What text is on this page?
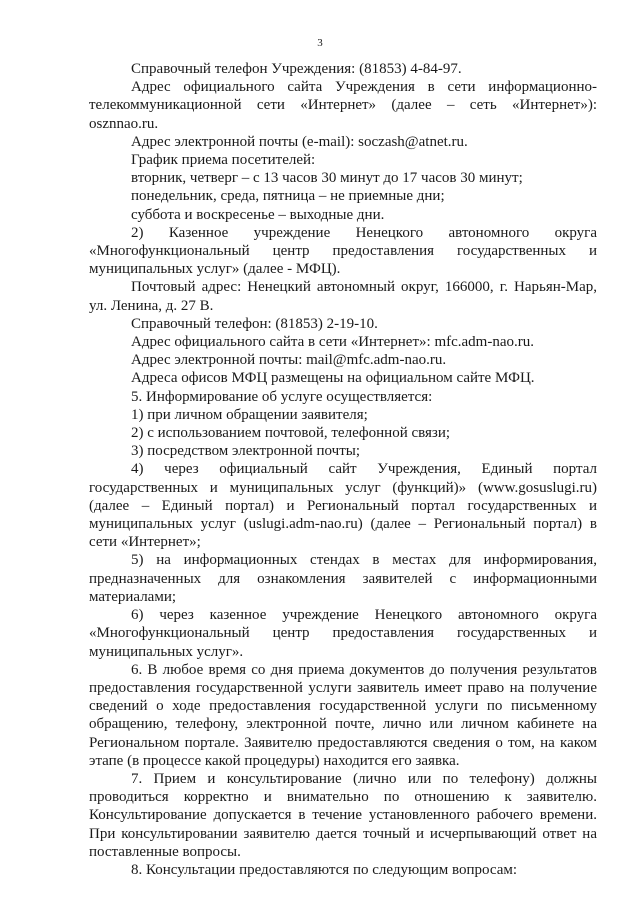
3
Справочный телефон Учреждения: (81853) 4-84-97.
Адрес официального сайта Учреждения в сети информационно-
телекоммуникационной сети «Интернет» (далее – сеть «Интернет»):
osznnao.ru.
Адрес электронной почты (e-mail): soczash@atnet.ru.
График приема посетителей:
вторник, четверг – с 13 часов 30 минут до 17 часов 30 минут;
понедельник, среда, пятница – не приемные дни;
суббота и воскресенье – выходные дни.
2) Казенное учреждение Ненецкого автономного округа
«Многофункциональный центр предоставления государственных и
муниципальных услуг» (далее - МФЦ).
Почтовый адрес: Ненецкий автономный округ, 166000, г. Нарьян-Мар,
ул. Ленина, д. 27 В.
Справочный телефон: (81853) 2-19-10.
Адрес официального сайта в сети «Интернет»: mfc.adm-nao.ru.
Адрес электронной почты: mail@mfc.adm-nao.ru.
Адреса офисов МФЦ размещены на официальном сайте МФЦ.
5. Информирование об услуге осуществляется:
1) при личном обращении заявителя;
2) с использованием почтовой, телефонной связи;
3) посредством электронной почты;
4) через официальный сайт Учреждения, Единый портал
государственных и муниципальных услуг (функций)» (www.gosuslugi.ru)
(далее – Единый портал) и Региональный портал государственных и
муниципальных услуг (uslugi.adm-nao.ru) (далее – Региональный портал) в
сети «Интернет»;
5) на информационных стендах в местах для информирования,
предназначенных для ознакомления заявителей с информационными
материалами;
6) через казенное учреждение Ненецкого автономного округа
«Многофункциональный центр предоставления государственных и
муниципальных услуг».
6. В любое время со дня приема документов до получения результатов
предоставления государственной услуги заявитель имеет право на получение
сведений о ходе предоставления государственной услуги по письменному
обращению, телефону, электронной почте, лично или личном кабинете на
Региональном портале. Заявителю предоставляются сведения о том, на каком
этапе (в процессе какой процедуры) находится его заявка.
7. Прием и консультирование (лично или по телефону) должны
проводиться корректно и внимательно по отношению к заявителю.
Консультирование допускается в течение установленного рабочего времени.
При консультировании заявителю дается точный и исчерпывающий ответ на
поставленные вопросы.
8. Консультации предоставляются по следующим вопросам:
